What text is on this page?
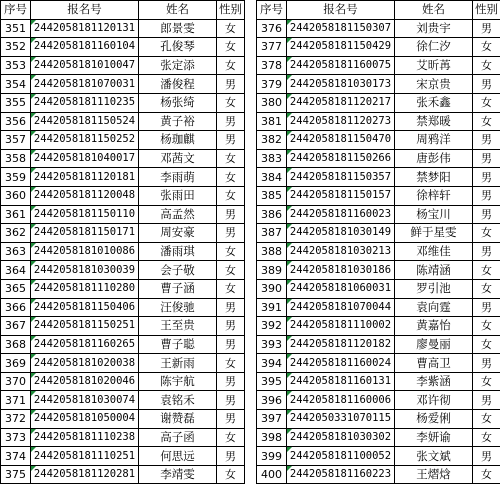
序号	报名号	姓名	性别
351	2442058181120131	郎景雯	女
352	2442058181160104	孔俊琴	女
353	2442058181010047	张定添	女
354	2442058181070031	潘俊程	男
355	2442058181110235	杨张绮	女
356	2442058181150524	黄子裕	男
357	2442058181150252	杨珈麒	男
358	2442058181040017	邓茜文	女
359	2442058181120181	李雨萌	女
360	2442058181120048	张雨田	女
361	2442058181150110	高孟然	男
362	2442058181150171	周安豪	男
363	2442058181010086	潘雨琪	女
364	2442058181030039	会子敬	女
365	2442058181110280	曹子涵	女
366	2442058181150406	汪俊驰	男
367	2442058181150251	王至贵	男
368	2442058181160265	曹子聪	男
369	2442058181020038	王新雨	女
370	2442058181020046	陈宇航	男
371	2442058181030074	袁铭禾	男
372	2442058181050004	谢赞磊	男
373	2442058181110238	高子函	女
374	2442058181110251	何思远	男
375	2442058181120281	李靖雯	女
序号	报名号	姓名	性别
376	2442058181150307	刘贵宇	男
377	2442058181150429	徐仁汐	女
378	2442058181160075	艾昕苒	女
379	2442058181030173	宋京贵	男
380	2442058181120217	张禾鑫	女
381	2442058181120273	禁郑暖	女
382	2442058181150470	周鸦洋	男
383	2442058181150266	唐彭伟	男
384	2442058181150357	禁梦阳	男
385	2442058181150157	徐梓轩	男
386	2442058181160023	杨宝川	男
387	2442058181030149	鲜于星雯	女
388	2442058181030213	邓维佳	男
389	2442058181030186	陈靖涵	女
390	2442058181060031	罗引池	女
391	2442058181070044	袁向霆	男
392	2442058181110002	黄嘉怡	女
393	2442058181120182	廖曼丽	女
394	2442058181160024	曹高卫	男
395	2442058181160131	李紫涵	女
396	2442058181160006	邓许彻	男
397	2442050331070115	杨爱俐	女
398	2442058181030302	李妍谕	女
399	2442058181100052	张文斌	男
400	2442058181160223	王熠焓	女
